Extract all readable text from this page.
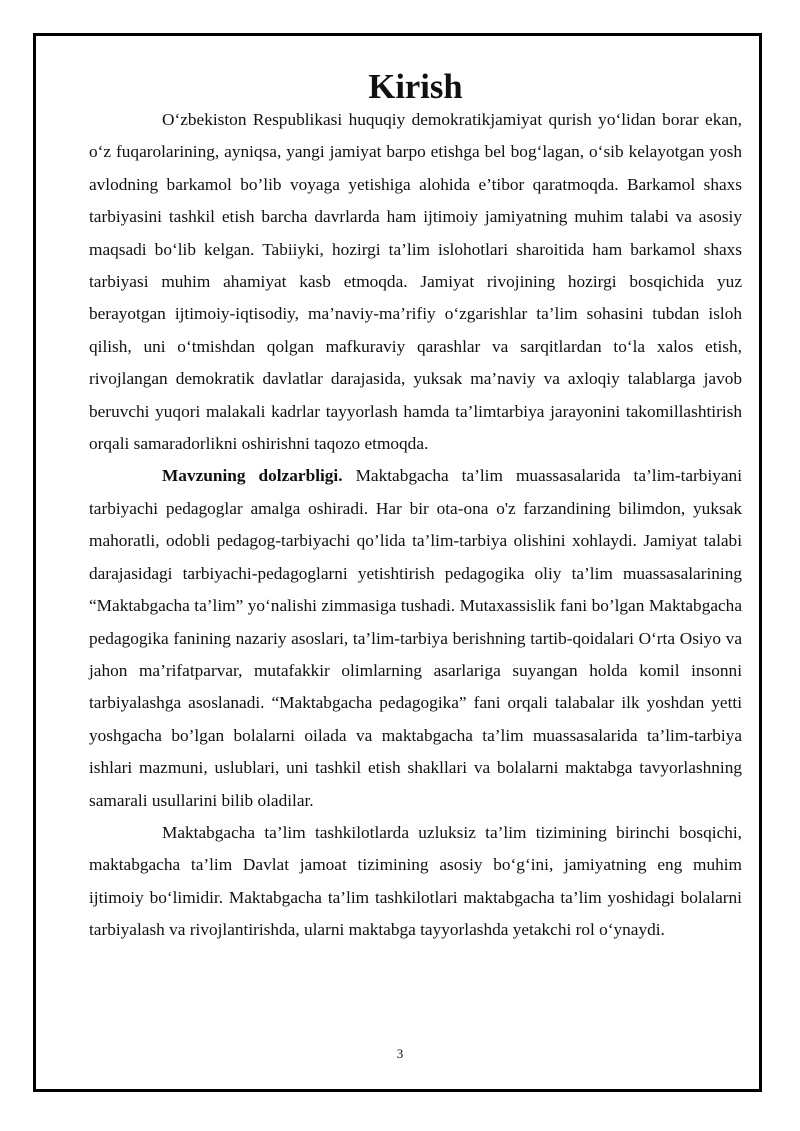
Kirish

O‘zbekiston Respublikasi huquqiy demokratikjamiyat qurish yo‘lidan borar ekan, o‘z fuqarolarining, ayniqsa, yangi jamiyat barpo etishga bel bog‘lagan, o‘sib kelayotgan yosh avlodning barkamol bo’lib voyaga yetishiga alohida e’tibor qaratmoqda. Barkamol shaxs tarbiyasini tashkil etish barcha davrlarda ham ijtimoiy jamiyatning muhim talabi va asosiy maqsadi bo‘lib kelgan. Tabiiyki, hozirgi ta’lim islohotlari sharoitida ham barkamol shaxs tarbiyasi muhim ahamiyat kasb etmoqda. Jamiyat rivojining hozirgi bosqichida yuz berayotgan ijtimoiy-iqtisodiy, ma’naviy-ma’rifiy o‘zgarishlar ta’lim sohasini tubdan isloh qilish, uni o‘tmishdan qolgan mafkuraviy qarashlar va sarqitlardan to‘la xalos etish, rivojlangan demokratik davlatlar darajasida, yuksak ma’naviy va axloqiy talablarga javob beruvchi yuqori malakali kadrlar tayyorlash hamda ta’limtarbiya jarayonini takomillashtirish orqali samaradorlikni oshirishni taqozo etmoqda.

Mavzuning dolzarbligi. Maktabgacha ta’lim muassasalarida ta’lim-tarbiyani tarbiyachi pedagoglar amalga oshiradi. Har bir ota-ona o'z farzandining bilimdon, yuksak mahoratli, odobli pedagog-tarbiyachi qo’lida ta’lim-tarbiya olishini xohlaydi. Jamiyat talabi darajasidagi tarbiyachi-pedagoglarni yetishtirish pedagogika oliy ta’lim muassasalarining “Maktabgacha ta’lim” yo‘nalishi zimmasiga tushadi. Mutaxassislik fani bo’lgan Maktabgacha pedagogika fanining nazariy asoslari, ta’lim-tarbiya berishning tartib-qoidalari O‘rta Osiyo va jahon ma’rifatparvar, mutafakkir olimlarning asarlariga suyangan holda komil insonni tarbiyalashga asoslanadi. “Maktabgacha pedagogika” fani orqali talabalar ilk yoshdan yetti yoshgacha bo’lgan bolalarni oilada va maktabgacha ta’lim muassasalarida ta’lim-tarbiya ishlari mazmuni, uslublari, uni tashkil etish shakllari va bolalarni maktabga tavyorlashning samarali usullarini bilib oladilar.

Maktabgacha ta’lim tashkilotlarda uzluksiz ta’lim tizimining birinchi bosqichi, maktabgacha ta’lim Davlat jamoat tizimining asosiy bo‘g‘ini, jamiyatning eng muhim ijtimoiy bo‘limidir. Maktabgacha ta’lim tashkilotlari maktabgacha ta’lim yoshidagi bolalarni tarbiyalash va rivojlantirishda, ularni maktabga tayyorlashda yetakchi rol o‘ynaydi.

3
